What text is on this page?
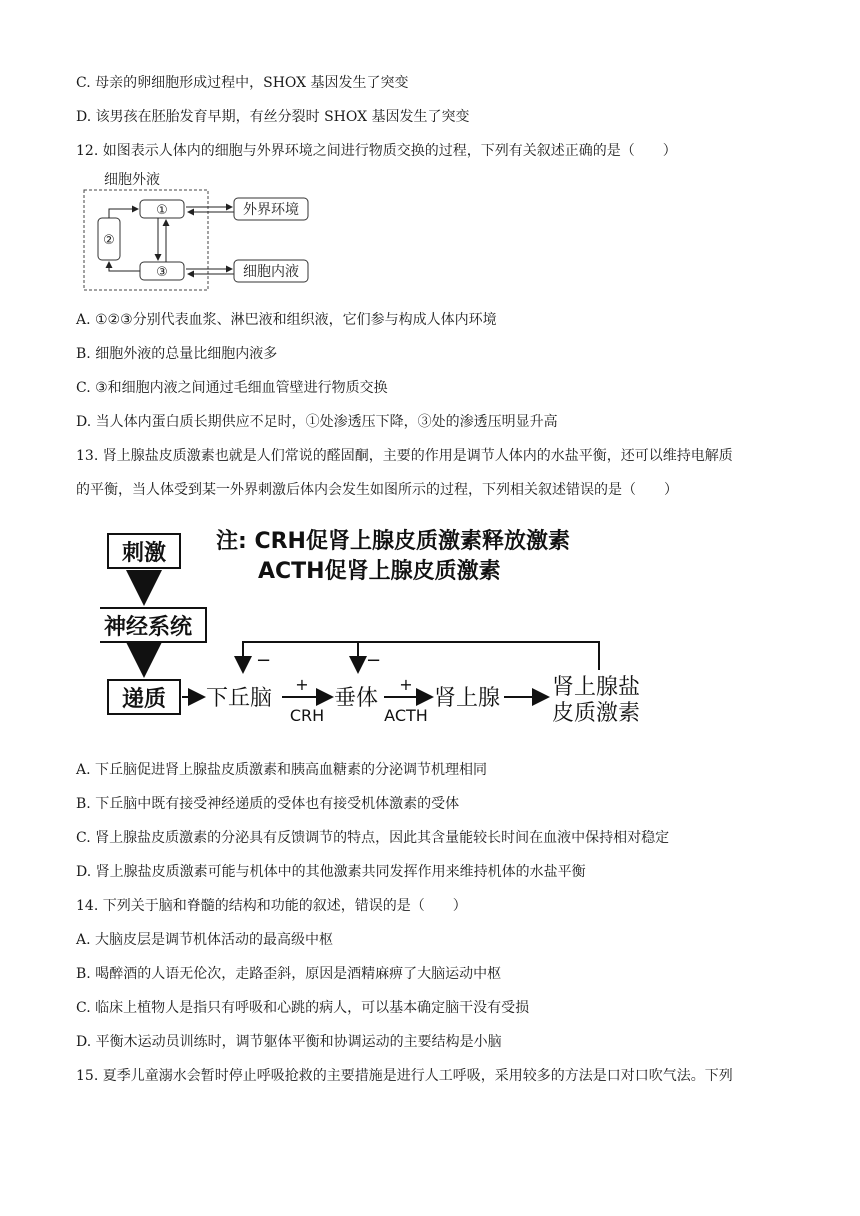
C. 母亲的卵细胞形成过程中，SHOX 基因发生了突变
D. 该男孩在胚胎发育早期，有丝分裂时 SHOX 基因发生了突变
12. 如图表示人体内的细胞与外界环境之间进行物质交换的过程，下列有关叙述正确的是（　　）
细胞外液
①
②
③
外界环境
细胞内液
A. ①②③分别代表血浆、淋巴液和组织液，它们参与构成人体内环境
B. 细胞外液的总量比细胞内液多
C. ③和细胞内液之间通过毛细血管壁进行物质交换
D. 当人体内蛋白质长期供应不足时，①处渗透压下降，③处的渗透压明显升高
13. 肾上腺盐皮质激素也就是人们常说的醛固酮，主要的作用是调节人体内的水盐平衡，还可以维持电解质
的平衡，当人体受到某一外界刺激后体内会发生如图所示的过程，下列相关叙述错误的是（　　）
刺激
神经系统
递质 下丘脑
+
CRH
垂体
+
ACTH
肾上腺 肾上腺盐
皮质激素
−	−
注: CRH促肾上腺皮质激素释放激素
ACTH促肾上腺皮质激素
A. 下丘脑促进肾上腺盐皮质激素和胰高血糖素的分泌调节机理相同
B. 下丘脑中既有接受神经递质的受体也有接受机体激素的受体
C. 肾上腺盐皮质激素的分泌具有反馈调节的特点，因此其含量能较长时间在血液中保持相对稳定
D. 肾上腺盐皮质激素可能与机体中的其他激素共同发挥作用来维持机体的水盐平衡
14. 下列关于脑和脊髓的结构和功能的叙述，错误的是（　　）
A. 大脑皮层是调节机体活动的最高级中枢
B. 喝醉酒的人语无伦次，走路歪斜，原因是酒精麻痹了大脑运动中枢
C. 临床上植物人是指只有呼吸和心跳的病人，可以基本确定脑干没有受损
D. 平衡木运动员训练时，调节躯体平衡和协调运动的主要结构是小脑
15. 夏季儿童溺水会暂时停止呼吸抢救的主要措施是进行人工呼吸，采用较多的方法是口对口吹气法。下列
